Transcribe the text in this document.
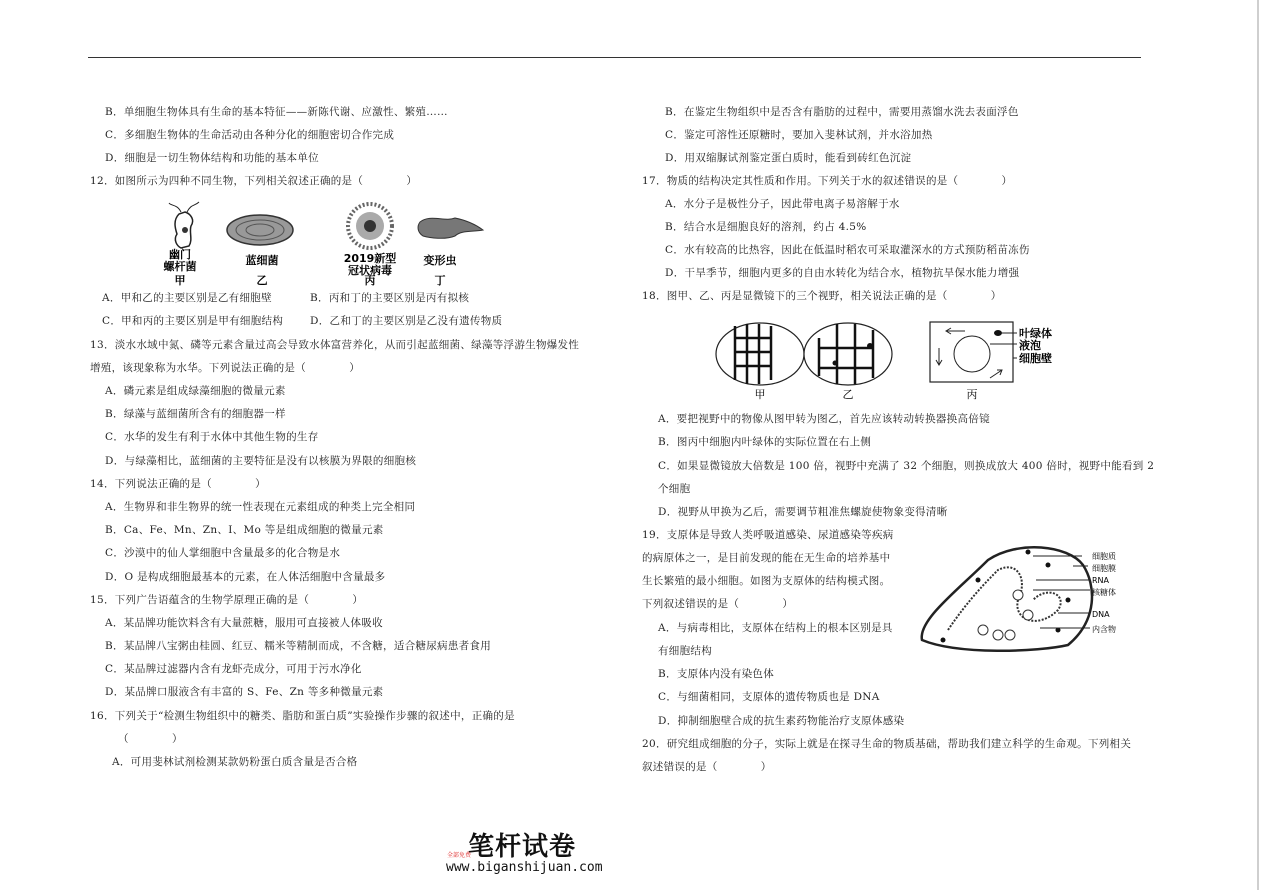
B．单细胞生物体具有生命的基本特征——新陈代谢、应激性、繁殖……
C．多细胞生物体的生命活动由各种分化的细胞密切合作完成
D．细胞是一切生物体结构和功能的基本单位
12．如图所示为四种不同生物，下列相关叙述正确的是（　　　　）
A．甲和乙的主要区别是乙有细胞壁	B．丙和丁的主要区别是丙有拟核
C．甲和丙的主要区别是甲有细胞结构	D．乙和丁的主要区别是乙没有遗传物质
13．淡水水域中氮、磷等元素含量过高会导致水体富营养化，从而引起蓝细菌、绿藻等浮游生物爆发性
增殖，该现象称为水华。下列说法正确的是（　　　　）
A．磷元素是组成绿藻细胞的微量元素
B．绿藻与蓝细菌所含有的细胞器一样
C．水华的发生有利于水体中其他生物的生存
D．与绿藻相比，蓝细菌的主要特征是没有以核膜为界限的细胞核
14．下列说法正确的是（　　　　）
A．生物界和非生物界的统一性表现在元素组成的种类上完全相同
B．Ca、Fe、Mn、Zn、I、Mo 等是组成细胞的微量元素
C．沙漠中的仙人掌细胞中含量最多的化合物是水
D．O 是构成细胞最基本的元素，在人体活细胞中含量最多
15．下列广告语蕴含的生物学原理正确的是（　　　　）
A．某品牌功能饮料含有大量蔗糖，服用可直接被人体吸收
B．某品牌八宝粥由桂圆、红豆、糯米等精制而成，不含糖，适合糖尿病患者食用
C．某品牌过滤器内含有龙虾壳成分，可用于污水净化
D．某品牌口服液含有丰富的 S、Fe、Zn 等多种微量元素
16．下列关于“检测生物组织中的糖类、脂肪和蛋白质”实验操作步骤的叙述中，正确的是
（　　　　）
A．可用斐林试剂检测某款奶粉蛋白质含量是否合格
B．在鉴定生物组织中是否含有脂肪的过程中，需要用蒸馏水洗去表面浮色
C．鉴定可溶性还原糖时，要加入斐林试剂，并水浴加热
D．用双缩脲试剂鉴定蛋白质时，能看到砖红色沉淀
17．物质的结构决定其性质和作用。下列关于水的叙述错误的是（　　　　）
A．水分子是极性分子，因此带电离子易溶解于水
B．结合水是细胞良好的溶剂，约占 4.5%
C．水有较高的比热容，因此在低温时稻农可采取灌深水的方式预防稻苗冻伤
D．干旱季节，细胞内更多的自由水转化为结合水，植物抗旱保水能力增强
18．图甲、乙、丙是显微镜下的三个视野，相关说法正确的是（　　　　）
A．要把视野中的物像从图甲转为图乙，首先应该转动转换器换高倍镜
B．图丙中细胞内叶绿体的实际位置在右上侧
C．如果显微镜放大倍数是 100 倍，视野中充满了 32 个细胞，则换成放大 400 倍时，视野中能看到 2
个细胞
D．视野从甲换为乙后，需要调节粗准焦螺旋使物象变得清晰
19．支原体是导致人类呼吸道感染、尿道感染等疾病
的病原体之一，是目前发现的能在无生命的培养基中
生长繁殖的最小细胞。如图为支原体的结构模式图。
下列叙述错误的是（　　　　）
A．与病毒相比，支原体在结构上的根本区别是具
有细胞结构
B．支原体内没有染色体
C．与细菌相同，支原体的遗传物质也是 DNA
D．抑制细胞壁合成的抗生素药物能治疗支原体感染
20．研究组成细胞的分子，实际上就是在探寻生命的物质基础，帮助我们建立科学的生命观。下列相关
叙述错误的是（　　　　）
幽门
螺杆菌
甲
蓝细菌
乙
2019新型
冠状病毒
丙
变形虫
丁
叶绿体
液泡
细胞壁
甲	乙	丙
细胞质
细胞膜
RNA
核糖体
DNA
内含物
笔杆试卷
全部免费
www.biganshijuan.com
